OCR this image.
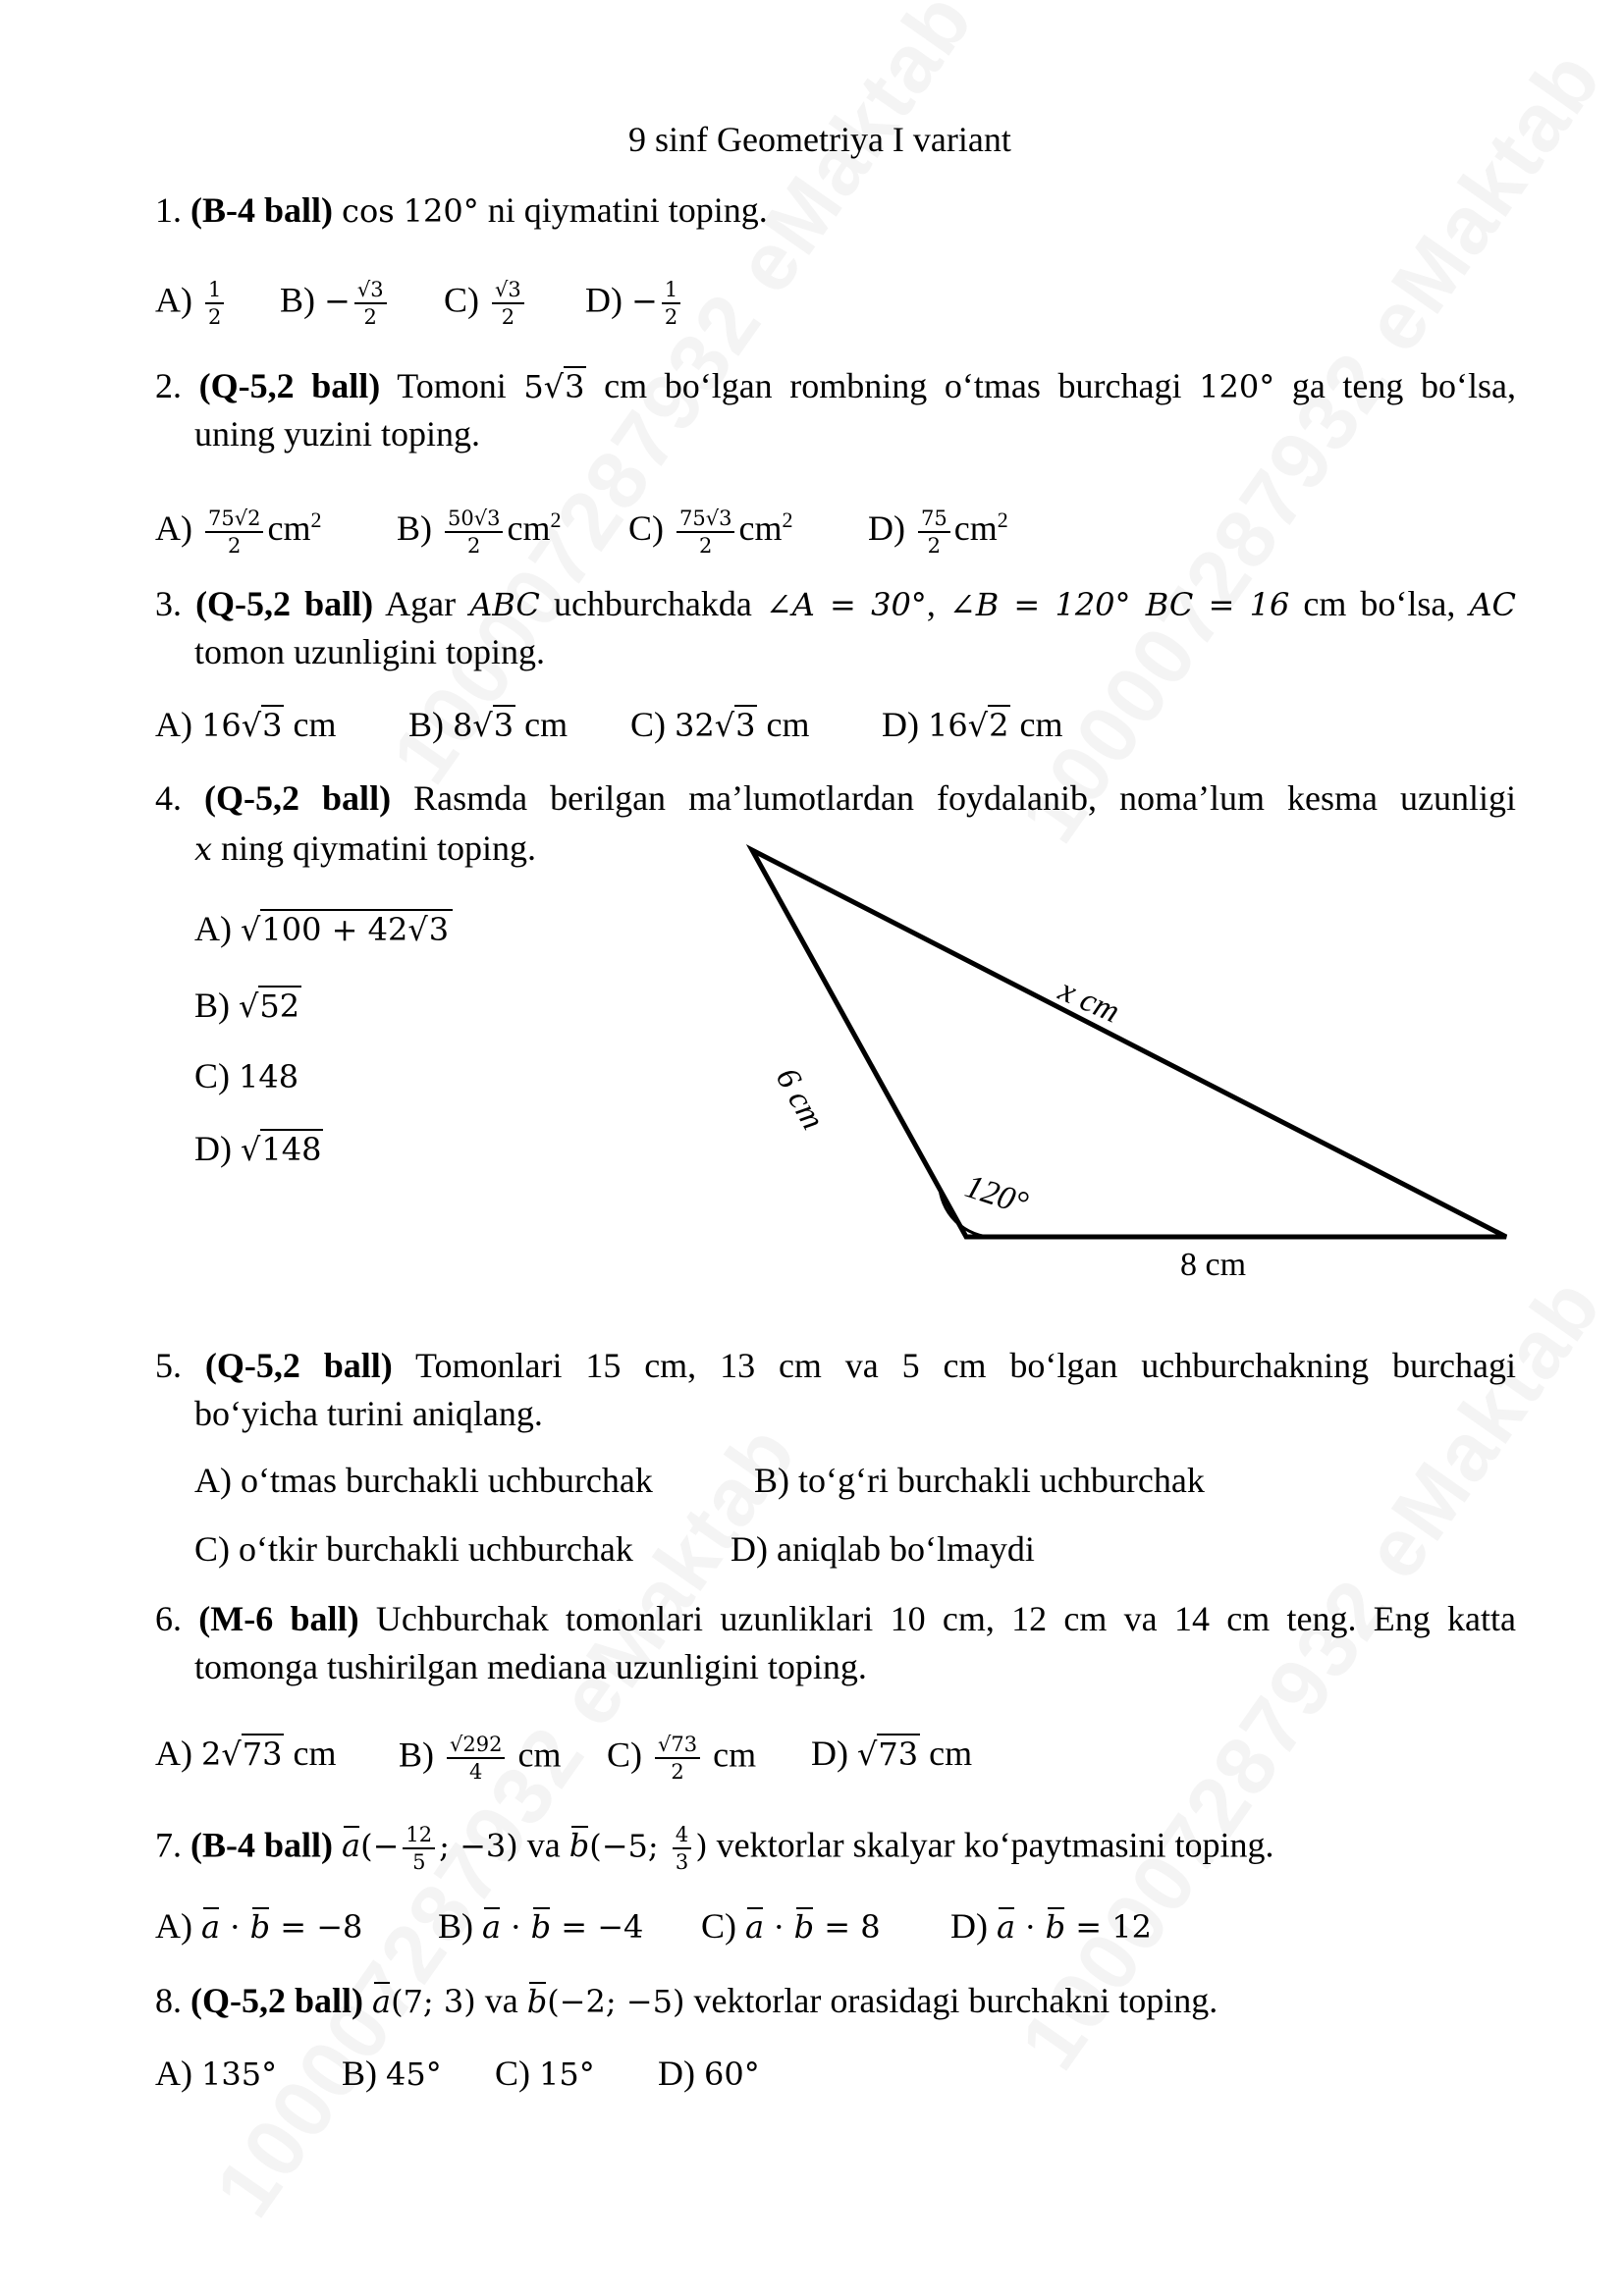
9 sinf Geometriya I variant
1. (B-4 ball) cos 120° ni qiymatini toping.
$A) \frac{1}{2} B) - \frac{√3}{2} C) \frac{√3}{2} D) - \frac{1}{2}$
2. (Q-5,2 ball) Tomoni 5√3 cm bo‘lgan rombning o‘tmas burchagi 120° ga teng bo‘lsa,
uning yuzini toping.
$A) \frac{75√2}{2} cm^2$ $B) \frac{50√3}{2} cm^2$ $C) \frac{75√3}{2} cm^2$ $D) \frac{75}{2} cm^2$
3. (Q-5,2 ball) Agar ABC uchburchakda ∠A = 30°, ∠B = 120° BC = 16 cm bo‘lsa, AC
tomon uzunligini toping.
A) 16√3 cm B) 8√3 cm C) 32√3 cm D) 16√2 cm
4. (Q-5,2 ball) Rasmda berilgan ma’lumotlardan foydalanib, noma’lum kesma uzunligi
x ning qiymatini toping.
A) √100 + 42√3
B) √52
C) 148
D) √148
6 cm
x cm
8 cm
120°
5. (Q-5,2 ball) Tomonlari 15 cm, 13 cm va 5 cm bo‘lgan uchburchakning burchagi
bo‘yicha turini aniqlang.
A) o‘tmas burchakli uchburchak	B) to‘g‘ri burchakli uchburchak
C) o‘tkir burchakli uchburchak	D) aniqlab bo‘lmaydi
6. (M-6 ball) Uchburchak tomonlari uzunliklari 10 cm, 12 cm va 14 cm teng. Eng katta
tomonga tushirilgan mediana uzunligini toping.
A) 2√73 cm $B) \frac{√292}{4}$ cm $C) \frac{√73}{2}$ cm D) √73 cm
7. (B-4 ball) $a(- \frac{12}{5}$ ; −3) va b(−5; $\frac{4}{3}$ ) vektorlar skalyar ko‘paytmasini toping.
A) a · b = −8 B) a · b = −4 C) a · b = 8 D) a · b = 12
8. (Q-5,2 ball) a(7; 3) va b(−2; −5) vektorlar orasidagi burchakni toping.
A) 135° B) 45° C) 15° D) 60°
